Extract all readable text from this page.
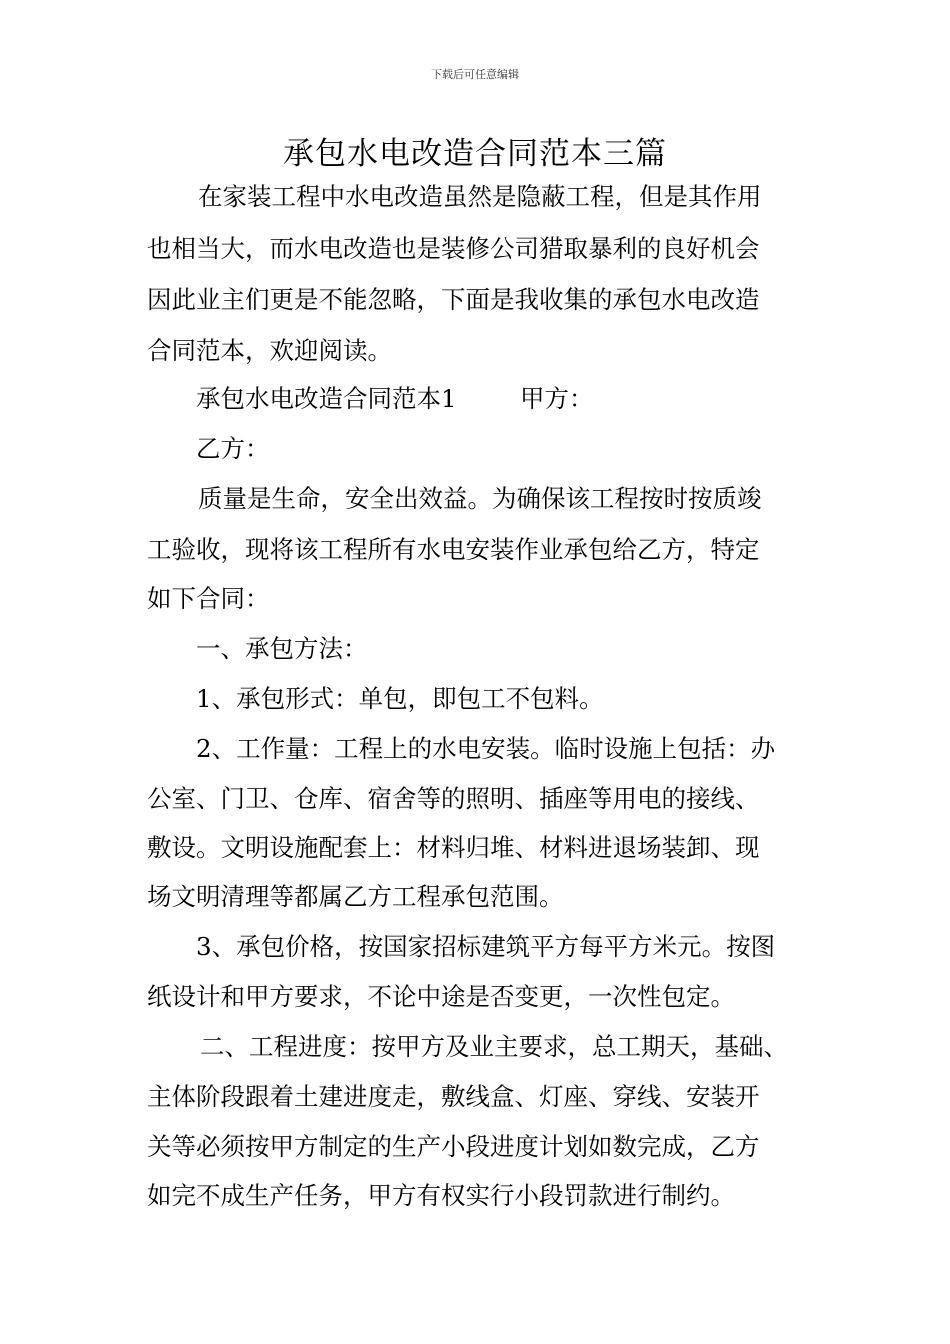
下载后可任意编辑
承包水电改造合同范本三篇
在家装工程中水电改造虽然是隐蔽工程，但是其作用
也相当大，而水电改造也是装修公司猎取暴利的良好机会
因此业主们更是不能忽略，下面是我收集的承包水电改造
合同范本，欢迎阅读。
承包水电改造合同范本1	甲方：
乙方：
质量是生命，安全出效益。为确保该工程按时按质竣
工验收，现将该工程所有水电安装作业承包给乙方，特定
如下合同：
一、承包方法：
1、承包形式：单包，即包工不包料。
2、工作量：工程上的水电安装。临时设施上包括：办
公室、门卫、仓库、宿舍等的照明、插座等用电的接线、
敷设。文明设施配套上：材料归堆、材料进退场装卸、现
场文明清理等都属乙方工程承包范围。
3、承包价格，按国家招标建筑平方每平方米元。按图
纸设计和甲方要求，不论中途是否变更，一次性包定。
二、工程进度：按甲方及业主要求，总工期天，基础、
主体阶段跟着土建进度走，敷线盒、灯座、穿线、安装开
关等必须按甲方制定的生产小段进度计划如数完成，乙方
如完不成生产任务，甲方有权实行小段罚款进行制约。
